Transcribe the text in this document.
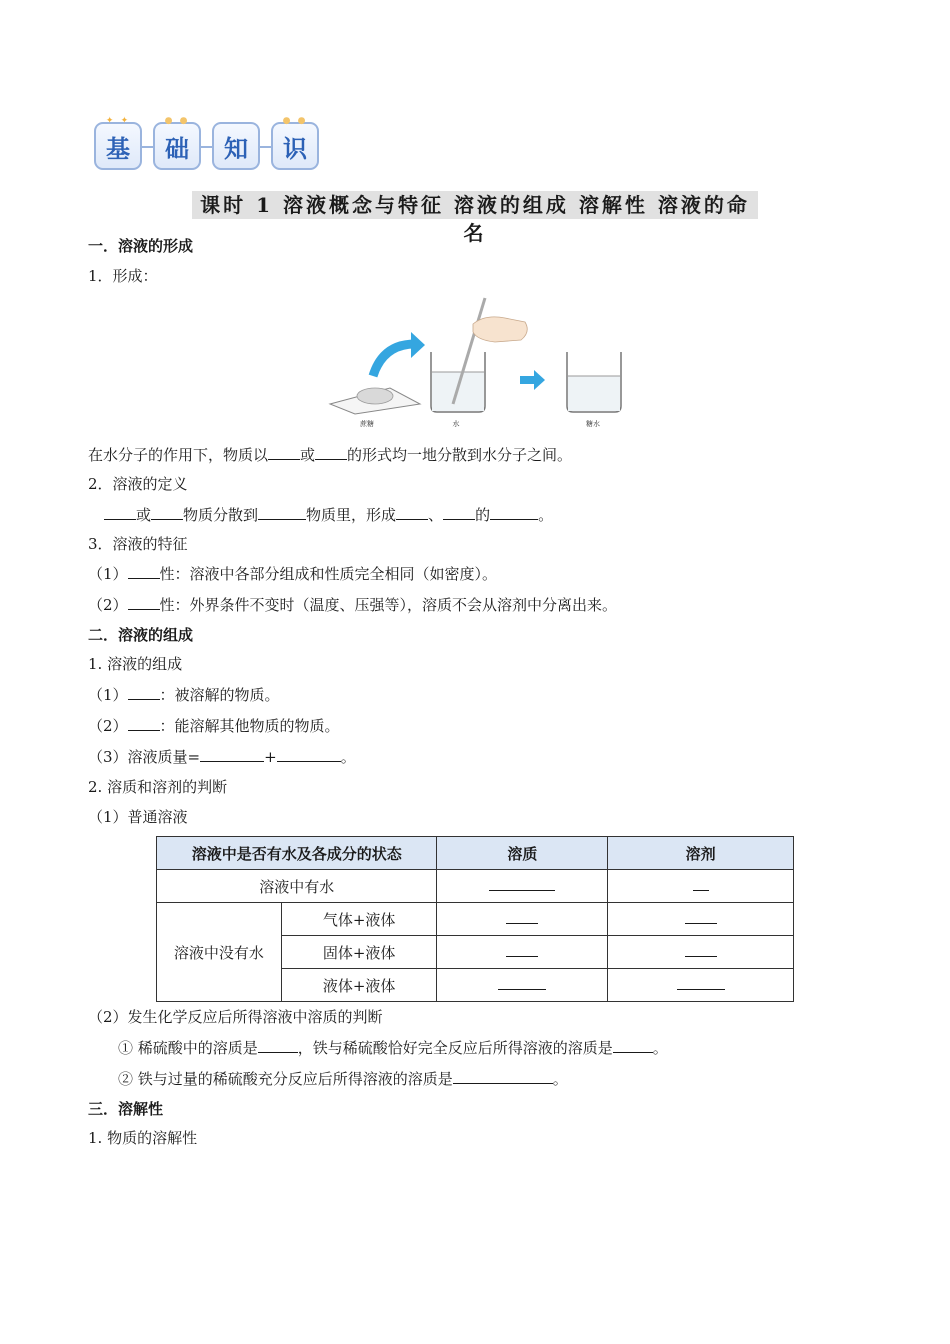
✦ ✦
基
● ●
础 知
● ●
识
课时 1 溶液概念与特征 溶液的组成 溶解性 溶液的命名
一．溶液的形成
1．形成：
蔗糖	水	糖水
在水分子的作用下，物质以 或 的形式均一地分散到水分子之间。
2．溶液的定义
或 物质分散到	物质里，形成 、 的	。
3．溶液的特征
（1） 性：溶液中各部分组成和性质完全相同（如密度）。
（2） 性：外界条件不变时（温度、压强等），溶质不会从溶剂中分离出来。
二．溶液的组成
1. 溶液的组成
（1） ：被溶解的物质。
（2） ：能溶解其他物质的物质。
（3）溶液质量=	+	。
2. 溶质和溶剂的判断
（1）普通溶液
溶液中是否有水及各成分的状态		溶质	溶剂
溶液中有水			
溶液中没有水	气体+液体		
	固体+液体		
	液体+液体		
（2）发生化学反应后所得溶液中溶质的判断
① 稀硫酸中的溶质是	，铁与稀硫酸恰好完全反应后所得溶液的溶质是	。
② 铁与过量的稀硫酸充分反应后所得溶液的溶质是	。
三．溶解性
1. 物质的溶解性
